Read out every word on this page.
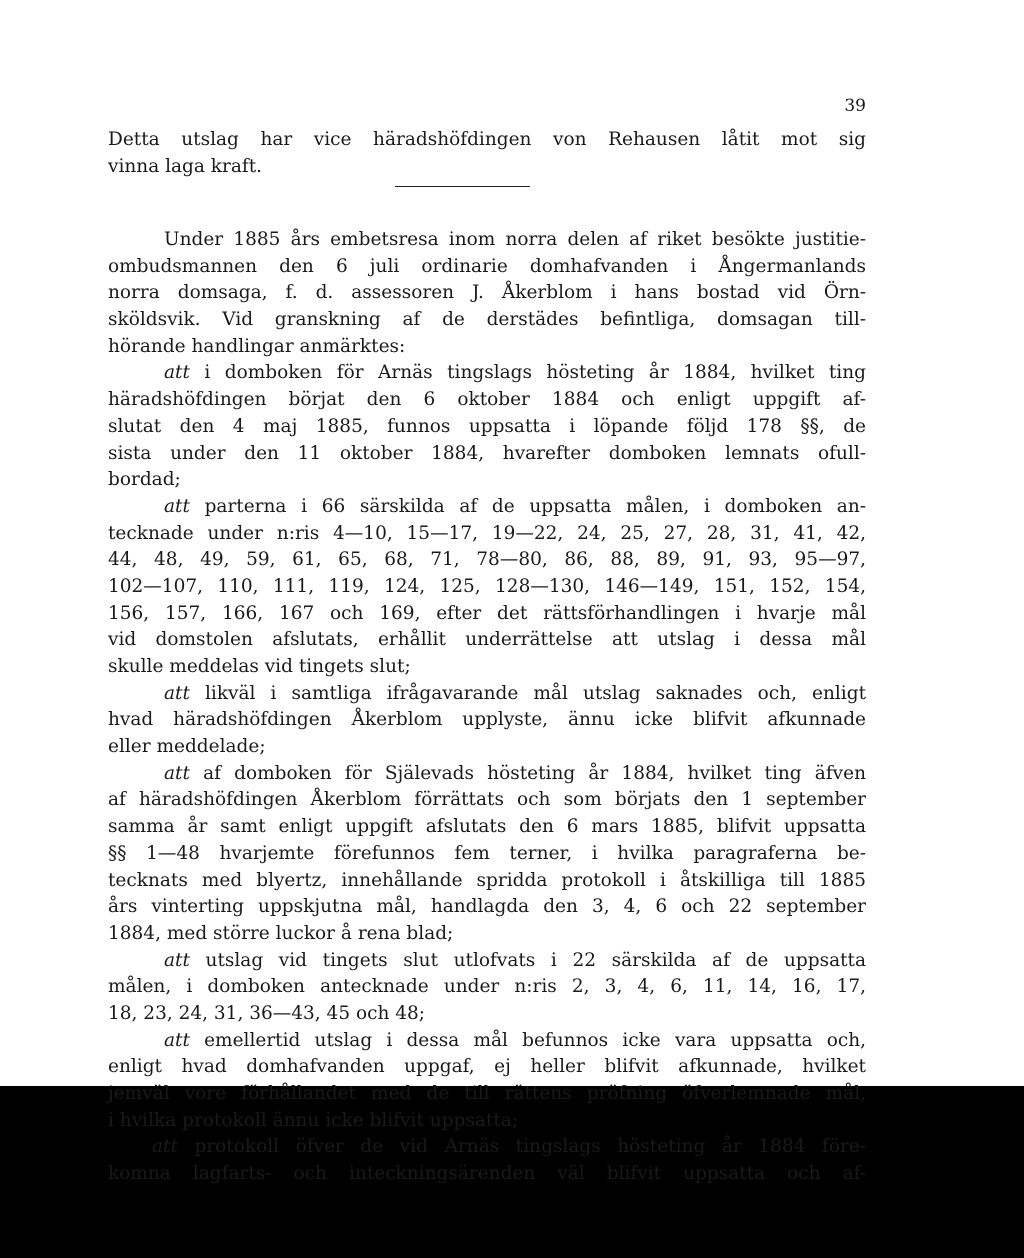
39
Detta utslag har vice häradshöfdingen von Rehausen låtit mot sig
vinna laga kraft.
Under 1885 års embetsresa inom norra delen af riket besökte justitie-
ombudsmannen den 6 juli ordinarie domhafvanden i Ångermanlands
norra domsaga, f. d. assessoren J. Åkerblom i hans bostad vid Örn-
sköldsvik. Vid granskning af de derstädes befintliga, domsagan till-
hörande handlingar anmärktes:
att i domboken för Arnäs tingslags hösteting år 1884, hvilket ting
häradshöfdingen börjat den 6 oktober 1884 och enligt uppgift af-
slutat den 4 maj 1885, funnos uppsatta i löpande följd 178 §§, de
sista under den 11 oktober 1884, hvarefter domboken lemnats ofull-
bordad;
att parterna i 66 särskilda af de uppsatta målen, i domboken an-
tecknade under n:ris 4—10, 15—17, 19—22, 24, 25, 27, 28, 31, 41, 42,
44, 48, 49, 59, 61, 65, 68, 71, 78—80, 86, 88, 89, 91, 93, 95—97,
102—107, 110, 111, 119, 124, 125, 128—130, 146—149, 151, 152, 154,
156, 157, 166, 167 och 169, efter det rättsförhandlingen i hvarje mål
vid domstolen afslutats, erhållit underrättelse att utslag i dessa mål
skulle meddelas vid tingets slut;
att likväl i samtliga ifrågavarande mål utslag saknades och, enligt
hvad häradshöfdingen Åkerblom upplyste, ännu icke blifvit afkunnade
eller meddelade;
att af domboken för Själevads hösteting år 1884, hvilket ting äfven
af häradshöfdingen Åkerblom förrättats och som börjats den 1 september
samma år samt enligt uppgift afslutats den 6 mars 1885, blifvit uppsatta
§§ 1—48 hvarjemte förefunnos fem terner, i hvilka paragraferna be-
tecknats med blyertz, innehållande spridda protokoll i åtskilliga till 1885
års vinterting uppskjutna mål, handlagda den 3, 4, 6 och 22 september
1884, med större luckor å rena blad;
att utslag vid tingets slut utlofvats i 22 särskilda af de uppsatta
målen, i domboken antecknade under n:ris 2, 3, 4, 6, 11, 14, 16, 17,
18, 23, 24, 31, 36—43, 45 och 48;
att emellertid utslag i dessa mål befunnos icke vara uppsatta och,
enligt hvad domhafvanden uppgaf, ej heller blifvit afkunnade, hvilket
jemväl vore förhållandet med de till rättens pröfning öfverlemnade mål,
i hvilka protokoll ännu icke blifvit uppsatta;
att protokoll öfver de vid Arnäs tingslags hösteting år 1884 före-
komna lagfarts- och inteckningsärenden väl blifvit uppsatta och af-
